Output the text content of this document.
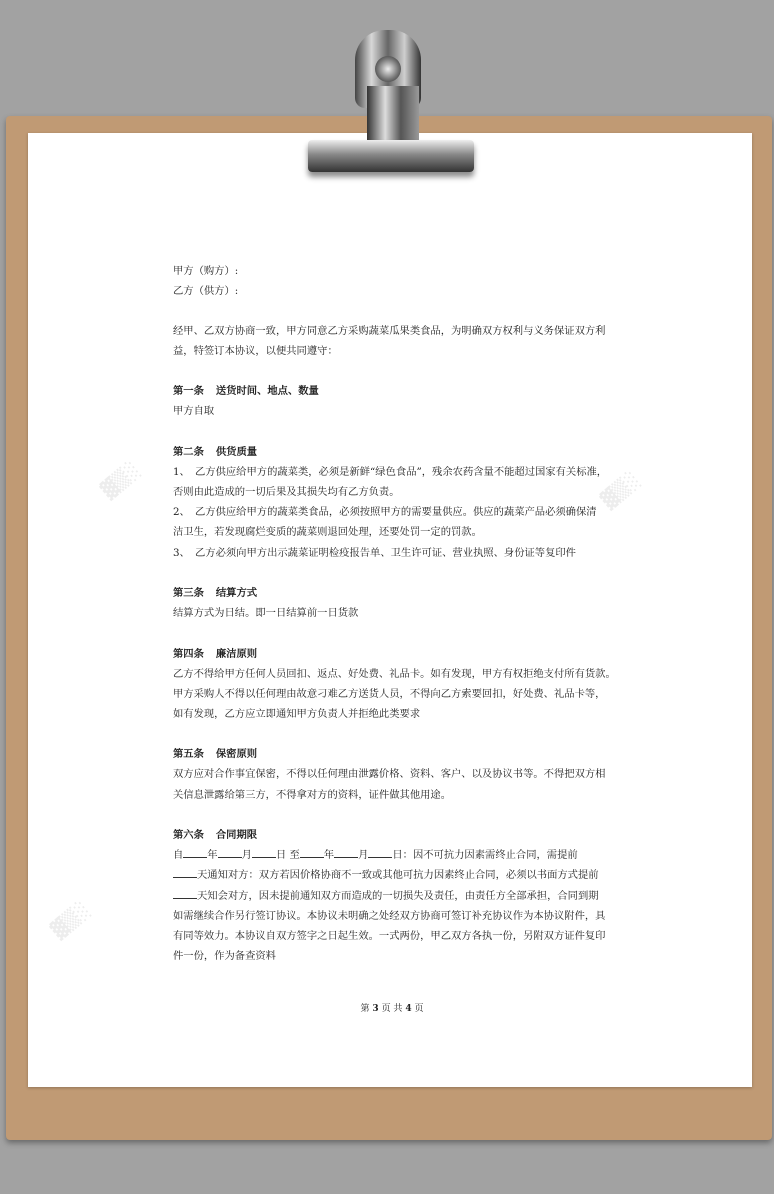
▓▒░	▓▒░
▓▒░
甲方（购方）:
乙方（供方）:
经甲、乙双方协商一致，甲方同意乙方采购蔬菜瓜果类食品，为明确双方权利与义务保证双方利
益，特签订本协议，以便共同遵守：
第一条 送货时间、地点、数量
甲方自取
第二条 供货质量
1、　乙方供应给甲方的蔬菜类，必须是新鲜“绿色食品”，残余农药含量不能超过国家有关标准，
否则由此造成的一切后果及其损失均有乙方负责。
2、　乙方供应给甲方的蔬菜类食品，必须按照甲方的需要量供应。供应的蔬菜产品必须确保清
洁卫生，若发现腐烂变质的蔬菜则退回处理，还要处罚一定的罚款。
3、　乙方必须向甲方出示蔬菜证明检疫报告单、卫生许可证、营业执照、身份证等复印件
第三条 结算方式
结算方式为日结。即一日结算前一日货款
第四条 廉洁原则
乙方不得给甲方任何人员回扣、返点、好处费、礼品卡。如有发现，甲方有权拒绝支付所有货款。
甲方采购人不得以任何理由故意刁难乙方送货人员，不得向乙方索要回扣，好处费、礼品卡等，
如有发现，乙方应立即通知甲方负责人并拒绝此类要求
第五条 保密原则
双方应对合作事宜保密，不得以任何理由泄露价格、资料、客户、以及协议书等。不得把双方相
关信息泄露给第三方，不得拿对方的资料，证件做其他用途。
第六条 合同期限
自 年 月 日 至 年 月 日：因不可抗力因素需终止合同，需提前
天通知对方：双方若因价格协商不一致或其他可抗力因素终止合同，必须以书面方式提前
天知会对方，因未提前通知双方而造成的一切损失及责任，由责任方全部承担，合同到期
如需继续合作另行签订协议。本协议未明确之处经双方协商可签订补充协议作为本协议附件，具
有同等效力。本协议自双方签字之日起生效。一式两份，甲乙双方各执一份，另附双方证件复印
件一份，作为备查资料
第 3 页 共 4 页
